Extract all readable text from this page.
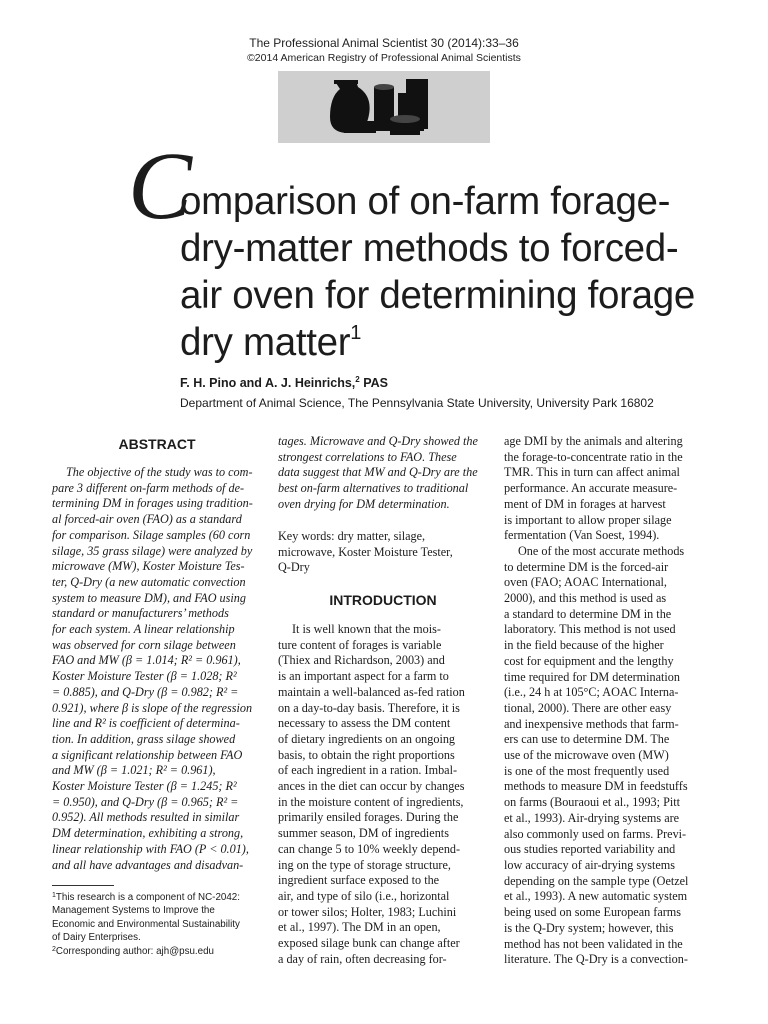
The Professional Animal Scientist 30 (2014):33–36
©2014 American Registry of Professional Animal Scientists
C
omparison of on-farm forage-
dry-matter methods to forced-
air oven for determining forage
dry matter$^1$
F. H. Pino and A. J. Heinrichs,$^2$ PAS
Department of Animal Science, The Pennsylvania State University, University Park 16802
ABSTRACT
The objective of the study was to com-
pare 3 different on-farm methods of de-
termining DM in forages using tradition-
al forced-air oven (FAO) as a standard
for comparison. Silage samples (60 corn
silage, 35 grass silage) were analyzed by
microwave (MW), Koster Moisture Tes-
ter, Q-Dry (a new automatic convection
system to measure DM), and FAO using
standard or manufacturers’ methods
for each system. A linear relationship
was observed for corn silage between
FAO and MW (β = 1.014; R² = 0.961),
Koster Moisture Tester (β = 1.028; R²
= 0.885), and Q-Dry (β = 0.982; R² =
0.921), where β is slope of the regression
line and R² is coefficient of determina-
tion. In addition, grass silage showed
a significant relationship between FAO
and MW (β = 1.021; R² = 0.961),
Koster Moisture Tester (β = 1.245; R²
= 0.950), and Q-Dry (β = 0.965; R² =
0.952). All methods resulted in similar
DM determination, exhibiting a strong,
linear relationship with FAO (P < 0.01),
and all have advantages and disadvan-
tages. Microwave and Q-Dry showed the
strongest correlations to FAO. These
data suggest that MW and Q-Dry are the
best on-farm alternatives to traditional
oven drying for DM determination.
Key words: dry matter, silage,
microwave, Koster Moisture Tester,
Q-Dry
INTRODUCTION
It is well known that the mois-
ture content of forages is variable
(Thiex and Richardson, 2003) and
is an important aspect for a farm to
maintain a well-balanced as-fed ration
on a day-to-day basis. Therefore, it is
necessary to assess the DM content
of dietary ingredients on an ongoing
basis, to obtain the right proportions
of each ingredient in a ration. Imbal-
ances in the diet can occur by changes
in the moisture content of ingredients,
primarily ensiled forages. During the
summer season, DM of ingredients
can change 5 to 10% weekly depend-
ing on the type of storage structure,
ingredient surface exposed to the
air, and type of silo (i.e., horizontal
or tower silos; Holter, 1983; Luchini
et al., 1997). The DM in an open,
exposed silage bunk can change after
a day of rain, often decreasing for-
age DMI by the animals and altering
the forage-to-concentrate ratio in the
TMR. This in turn can affect animal
performance. An accurate measure-
ment of DM in forages at harvest
is important to allow proper silage
fermentation (Van Soest, 1994).
One of the most accurate methods
to determine DM is the forced-air
oven (FAO; AOAC International,
2000), and this method is used as
a standard to determine DM in the
laboratory. This method is not used
in the field because of the higher
cost for equipment and the lengthy
time required for DM determination
(i.e., 24 h at 105°C; AOAC Interna-
tional, 2000). There are other easy
and inexpensive methods that farm-
ers can use to determine DM. The
use of the microwave oven (MW)
is one of the most frequently used
methods to measure DM in feedstuffs
on farms (Bouraoui et al., 1993; Pitt
et al., 1993). Air-drying systems are
also commonly used on farms. Previ-
ous studies reported variability and
low accuracy of air-drying systems
depending on the sample type (Oetzel
et al., 1993). A new automatic system
being used on some European farms
is the Q-Dry system; however, this
method has not been validated in the
literature. The Q-Dry is a convection-

$^1$This research is a component of NC-2042:

Management Systems to Improve the

Economic and Environmental Sustainability

of Dairy Enterprises.

$^2$Corresponding author: ajh@psu.edu
